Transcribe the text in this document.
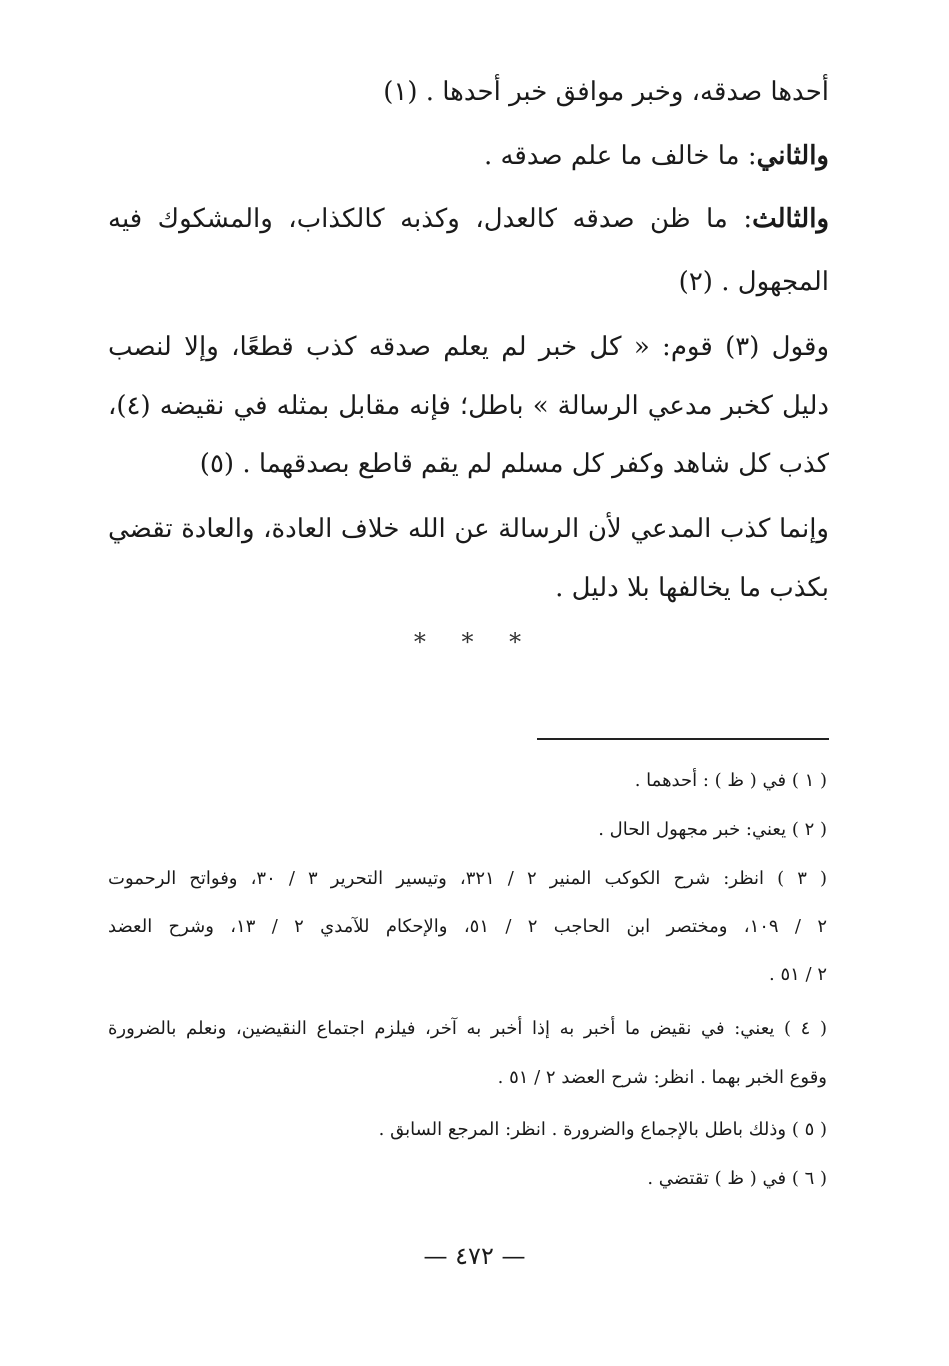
أحدها صدقه، وخبر موافق خبر أحدها . (١)
والثاني: ما خالف ما علم صدقه .
والثالث: ما ظن صدقه كالعدل، وكذبه كالكذاب، والمشكوك فيه
المجهول . (٢)
وقول (٣) قوم: « كل خبر لم يعلم صدقه كذب قطعًا، وإلا لنصب
دليل كخبر مدعي الرسالة » باطل؛ فإنه مقابل بمثله في نقيضه (٤)،
كذب كل شاهد وكفر كل مسلم لم يقم قاطع بصدقهما . (٥)
وإنما كذب المدعي لأن الرسالة عن الله خلاف العادة، والعادة تقضي
بكذب ما يخالفها بلا دليل .
* * *
( ١ ) في ( ظ ) : أحدهما .
( ٢ ) يعني: خبر مجهول الحال .
( ٣ ) انظر: شرح الكوكب المنير ٢ / ٣٢١، وتيسير التحرير ٣ / ٣٠، وفواتح الرحموت
٢ / ١٠٩، ومختصر ابن الحاجب ٢ / ٥١، والإحكام للآمدي ٢ / ١٣، وشرح العضد
٢ / ٥١ .
( ٤ ) يعني: في نقيض ما أخبر به إذا أخبر به آخر، فيلزم اجتماع النقيضين، ونعلم بالضرورة
وقوع الخبر بهما . انظر: شرح العضد ٢ / ٥١ .
( ٥ ) وذلك باطل بالإجماع والضرورة . انظر: المرجع السابق .
( ٦ ) في ( ظ ) تقتضي .
— ٤٧٢ —
